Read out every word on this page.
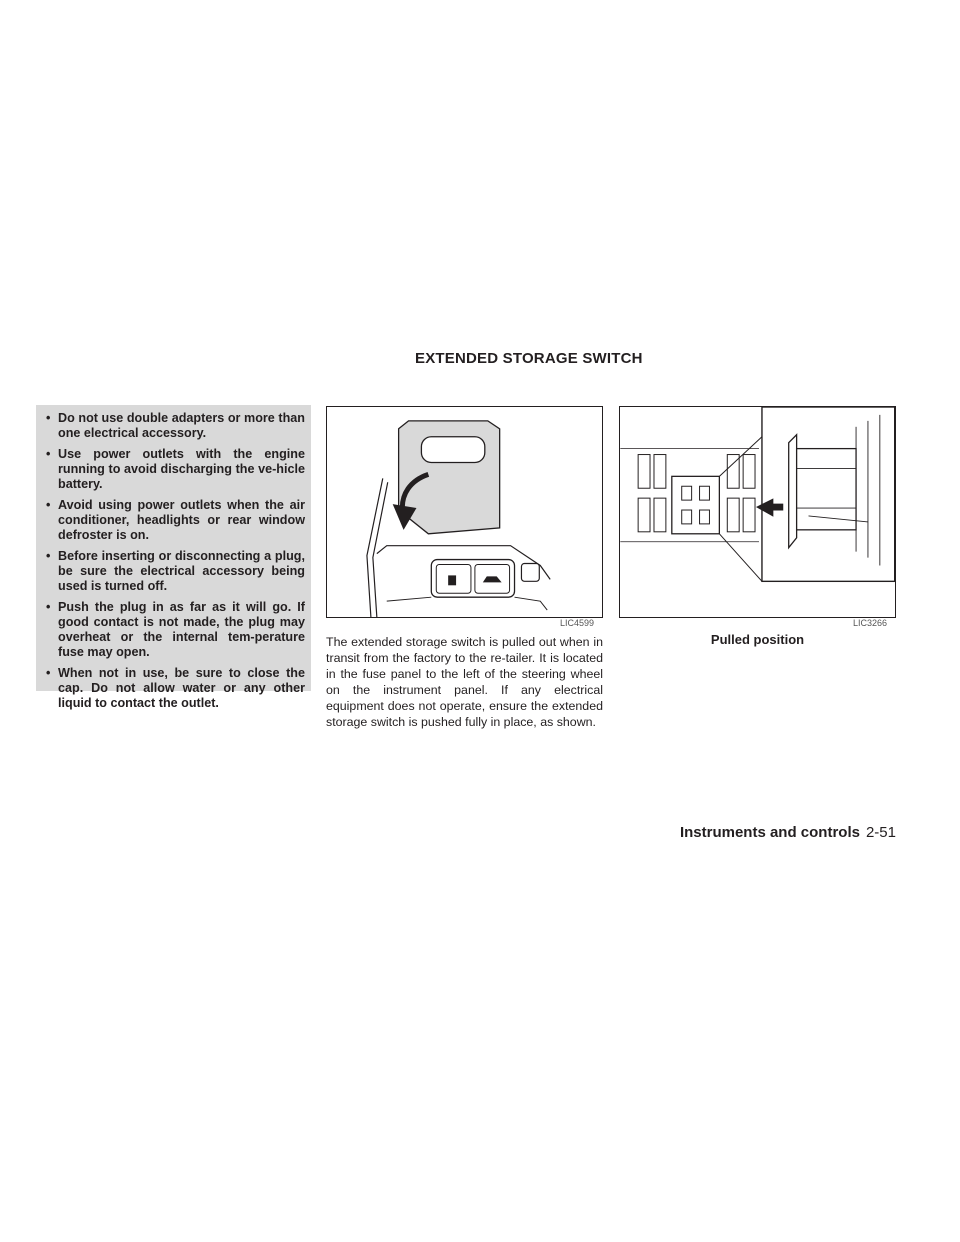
EXTENDED STORAGE SWITCH
• Do not use double adapters or more than one electrical accessory.
• Use power outlets with the engine running to avoid discharging the ve-hicle battery.
• Avoid using power outlets when the air conditioner, headlights or rear window defroster is on.
• Before inserting or disconnecting a plug, be sure the electrical accessory being used is turned off.
• Push the plug in as far as it will go. If good contact is not made, the plug may overheat or the internal tem-perature fuse may open.
• When not in use, be sure to close the cap. Do not allow water or any other liquid to contact the outlet.
LIC4599	LIC3266
Pulled position

The extended storage switch is pulled out when in transit from the factory to the re-tailer. It is located in the fuse panel to the left of the steering wheel on the instrument panel. If any electrical equipment does not operate, ensure the extended storage switch is pushed fully in place, as shown.

Instruments and controls 2-51
